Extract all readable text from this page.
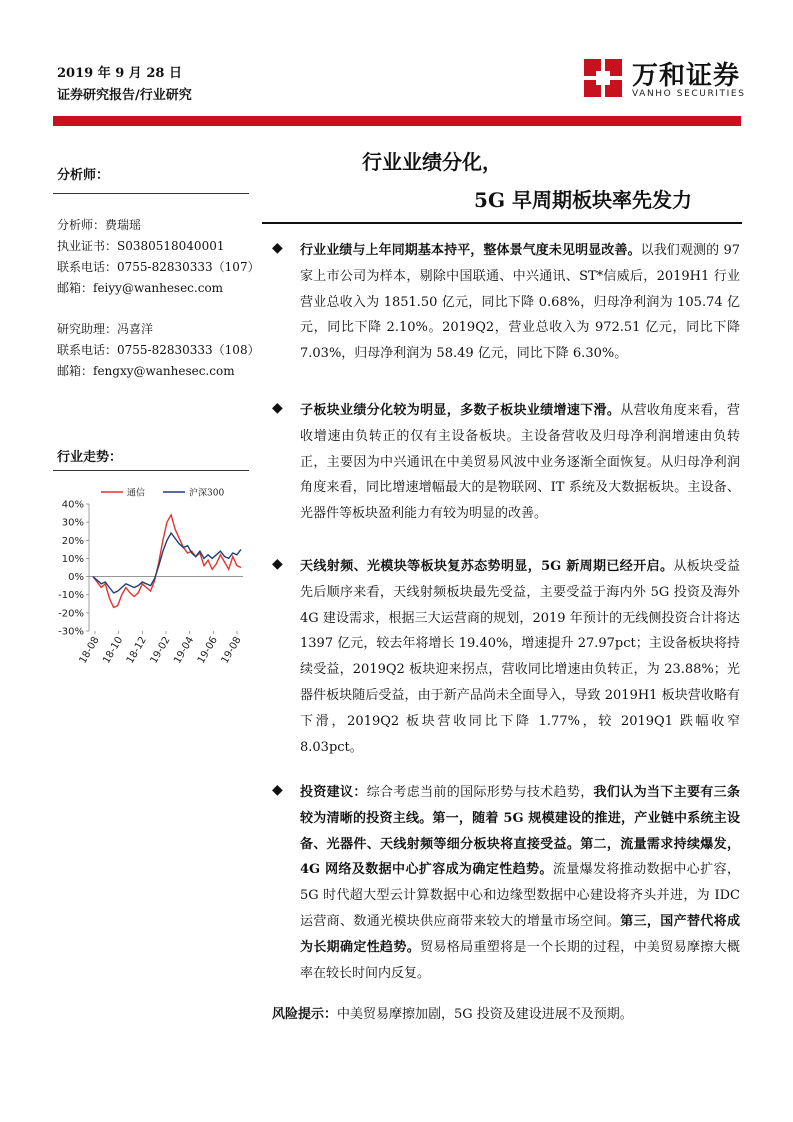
2019 年 9 月 28 日
证券研究报告/行业研究
万和证券
VANHO SECURITIES
行业业绩分化，
5G 早周期板块率先发力
分析师：
分析师：费瑞瑶
执业证书：S0380518040001
联系电话：0755-82830333（107）
邮箱：feiyy@wanhesec.com
研究助理：冯喜洋
联系电话：0755-82830333（108）
邮箱：fengxy@wanhesec.com
行业走势：
40%
30%
20%
10%
0%
-10%
-20%
-30%
18-08 18-10 18-12 19-02 19-04 19-06 19-08
通信	沪深300
◆ 行业业绩与上年同期基本持平，整体景气度未见明显改善。以我们观测的 97 家上市公司为样本，剔除中国联通、中兴通讯、ST*信威后，2019H1 行业营业总收入为 1851.50 亿元，同比下降 0.68%，归母净利润为 105.74 亿元，同比下降 2.10%。2019Q2，营业总收入为 972.51 亿元，同比下降 7.03%，归母净利润为 58.49 亿元，同比下降 6.30%。
◆ 子板块业绩分化较为明显，多数子板块业绩增速下滑。从营收角度来看，营收增速由负转正的仅有主设备板块。主设备营收及归母净利润增速由负转正，主要因为中兴通讯在中美贸易风波中业务逐渐全面恢复。从归母净利润角度来看，同比增速增幅最大的是物联网、IT 系统及大数据板块。主设备、光器件等板块盈利能力有较为明显的改善。
◆ 天线射频、光模块等板块复苏态势明显，5G 新周期已经开启。从板块受益先后顺序来看，天线射频板块最先受益，主要受益于海内外 5G 投资及海外 4G 建设需求，根据三大运营商的规划，2019 年预计的无线侧投资合计将达 1397 亿元，较去年将增长 19.40%，增速提升 27.97pct；主设备板块将持续受益，2019Q2 板块迎来拐点，营收同比增速由负转正，为 23.88%；光器件板块随后受益，由于新产品尚未全面导入，导致 2019H1 板块营收略有下滑，2019Q2 板块营收同比下降 1.77%，较 2019Q1 跌幅收窄 8.03pct。
◆ 投资建议：综合考虑当前的国际形势与技术趋势，我们认为当下主要有三条较为清晰的投资主线。第一，随着 5G 规模建设的推进，产业链中系统主设备、光器件、天线射频等细分板块将直接受益。第二，流量需求持续爆发，4G 网络及数据中心扩容成为确定性趋势。流量爆发将推动数据中心扩容，5G 时代超大型云计算数据中心和边缘型数据中心建设将齐头并进，为 IDC 运营商、数通光模块供应商带来较大的增量市场空间。第三，国产替代将成为长期确定性趋势。贸易格局重塑将是一个长期的过程，中美贸易摩擦大概率在较长时间内反复。
风险提示：中美贸易摩擦加剧，5G 投资及建设进展不及预期。
